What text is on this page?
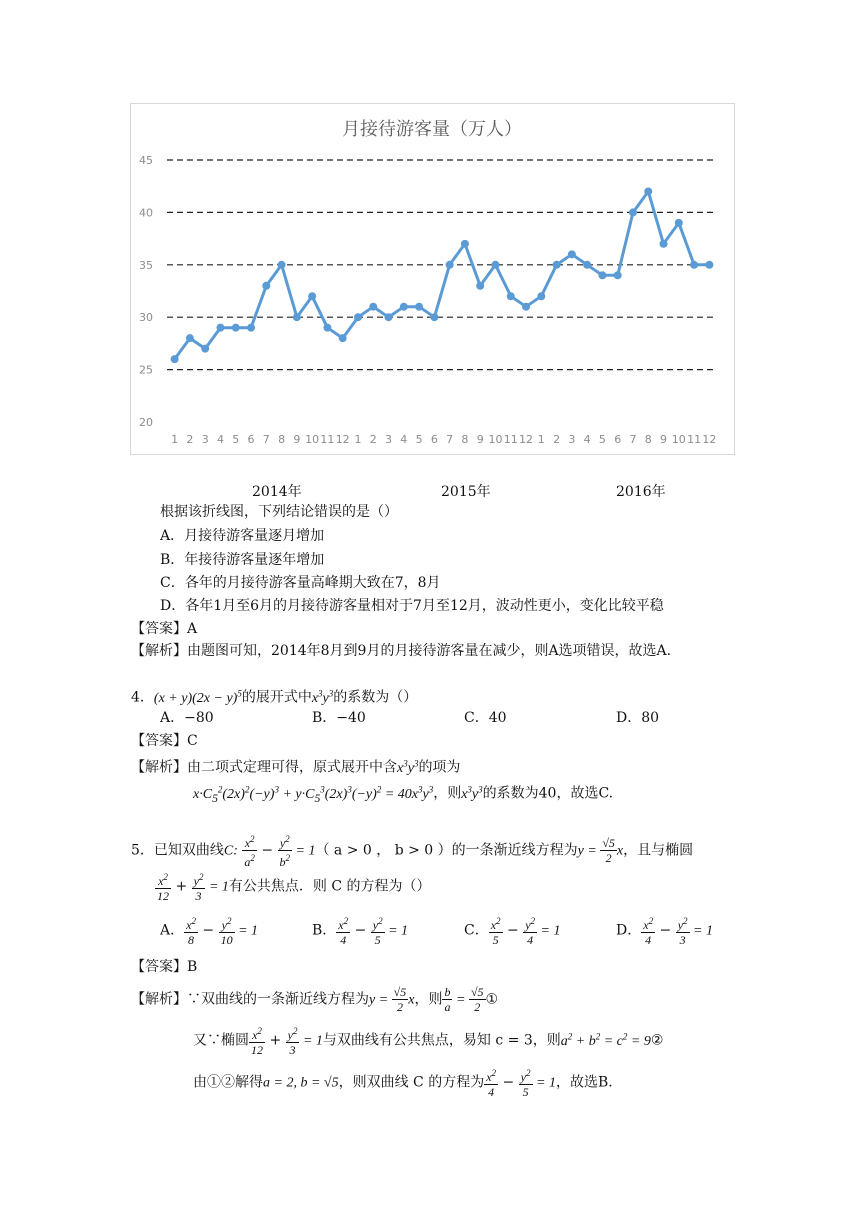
月接待游客量（万人）
45
40
35
30
25
20
1 2 3 4 5 6 7 8 9 10 11 12 1 2 3 4 5 6 7 8 9 10 11 12 1 2 3 4 5 6 7 8 9 10 11 12
2014年	2015年	2016年
根据该折线图，下列结论错误的是（）
A．月接待游客量逐月增加
B．年接待游客量逐年增加
C．各年的月接待游客量高峰期大致在7，8月
D．各年1月至6月的月接待游客量相对于7月至12月，波动性更小，变化比较平稳
【答案】A
【解析】由题图可知，2014年8月到9月的月接待游客量在减少，则A选项错误，故选A.
4．$(x + y)(2x - y)^5$的展开式中$x^3y^3$的系数为（）
A．−80	B．−40	C．40	D．80
【答案】C
【解析】由二项式定理可得，原式展开中含$x^3y^3$的项为
$x\cdot C_5^2(2x)^2(-y)^3 + y\cdot C_5^3(2x)^3(-y)^2 = 40x^3y^3$，则$x^3y^3$的系数为40，故选C.
5．已知双曲线C: $\frac{x^2}{a^2} - \frac{y^2}{b^2} = 1$（ a > 0 ， b > 0 ）的一条渐近线方程为$y = \frac{√5}{2}$ x，且与椭圆
$\frac{x^2}{12} + \frac{y^2}{3} = 1$有公共焦点．则 C 的方程为（）
A． $\frac{x^2}{8} - \frac{y^2}{10} = 1$	B． $\frac{x^2}{4} - \frac{y^2}{5} = 1$	C． $\frac{x^2}{5} - \frac{y^2}{4} = 1$	D． $\frac{x^2}{4} - \frac{y^2}{3} = 1$
【答案】B
【解析】∵双曲线的一条渐近线方程为$y = \frac{√5}{2}$ x，则 $\frac{b}{a} = \frac{√5}{2}$ ①
又∵椭圆 $\frac{x^2}{12} + \frac{y^2}{3} = 1$与双曲线有公共焦点，易知 c = 3，则$a^2 + b^2 = c^2$ = 9②
由①②解得a = 2, b = √5，则双曲线 C 的方程为 $\frac{x^2}{4} - \frac{y^2}{5} = 1$，故选B.
